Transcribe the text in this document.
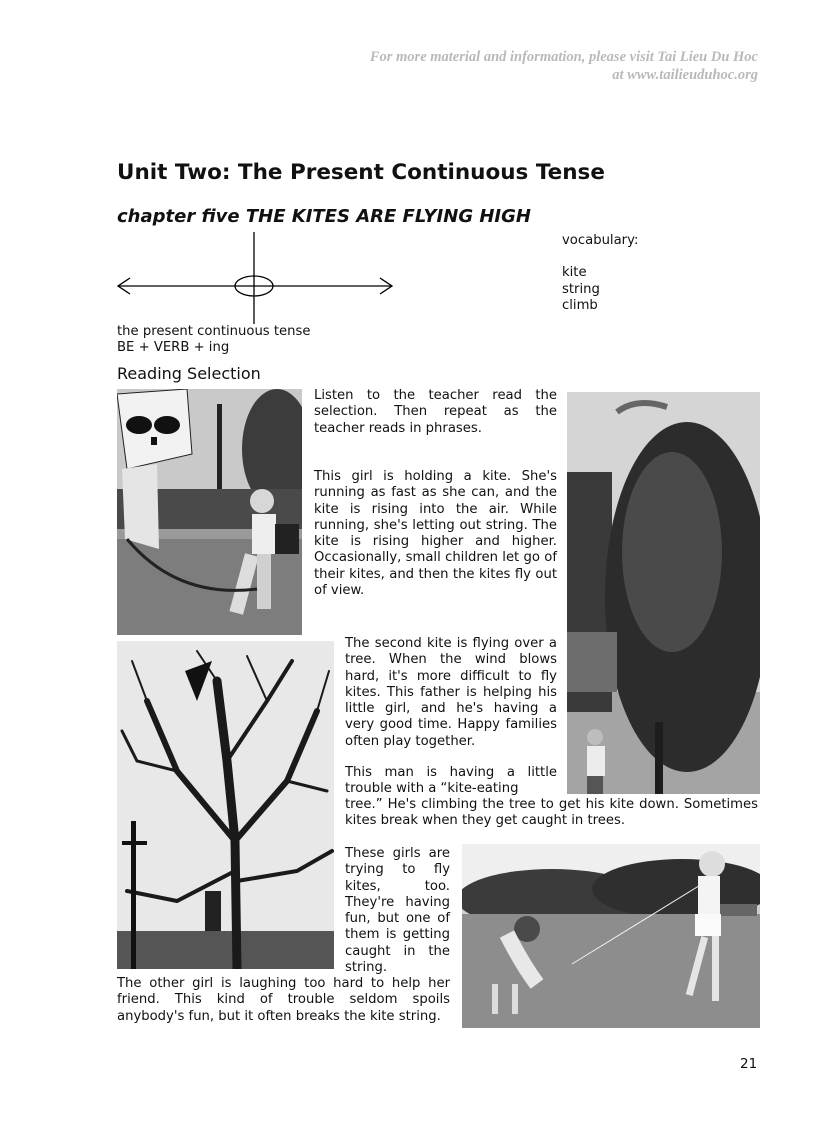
For more material and information, please visit Tai Lieu Du Hoc
at www.tailieuduhoc.org
Unit Two: The Present Continuous Tense
chapter five THE KITES ARE FLYING HIGH
vocabulary:
kite
string
climb
the present continuous tense
BE + VERB + ing
Reading Selection
Listen to the teacher read the selection. Then repeat as the teacher reads in phrases.
This girl is holding a kite. She's running as fast as she can, and the kite is rising into the air. While running, she's letting out string. The kite is rising higher and higher. Occasionally, small children let go of their kites, and then the kites fly out of view.
The second kite is flying over a tree. When the wind blows hard, it's more difficult to fly kites. This father is helping his little girl, and he's having a very good time. Happy families often play together.
This man is having a little trouble with a “kite-eating
tree.” He's climbing the tree to get his kite down. Sometimes kites break when they get caught in trees.
These girls are trying to fly kites, too. They're having fun, but one of them is getting caught in the string.
The other girl is laughing too hard to help her friend. This kind of trouble seldom spoils anybody's fun, but it often breaks the kite string.
21
